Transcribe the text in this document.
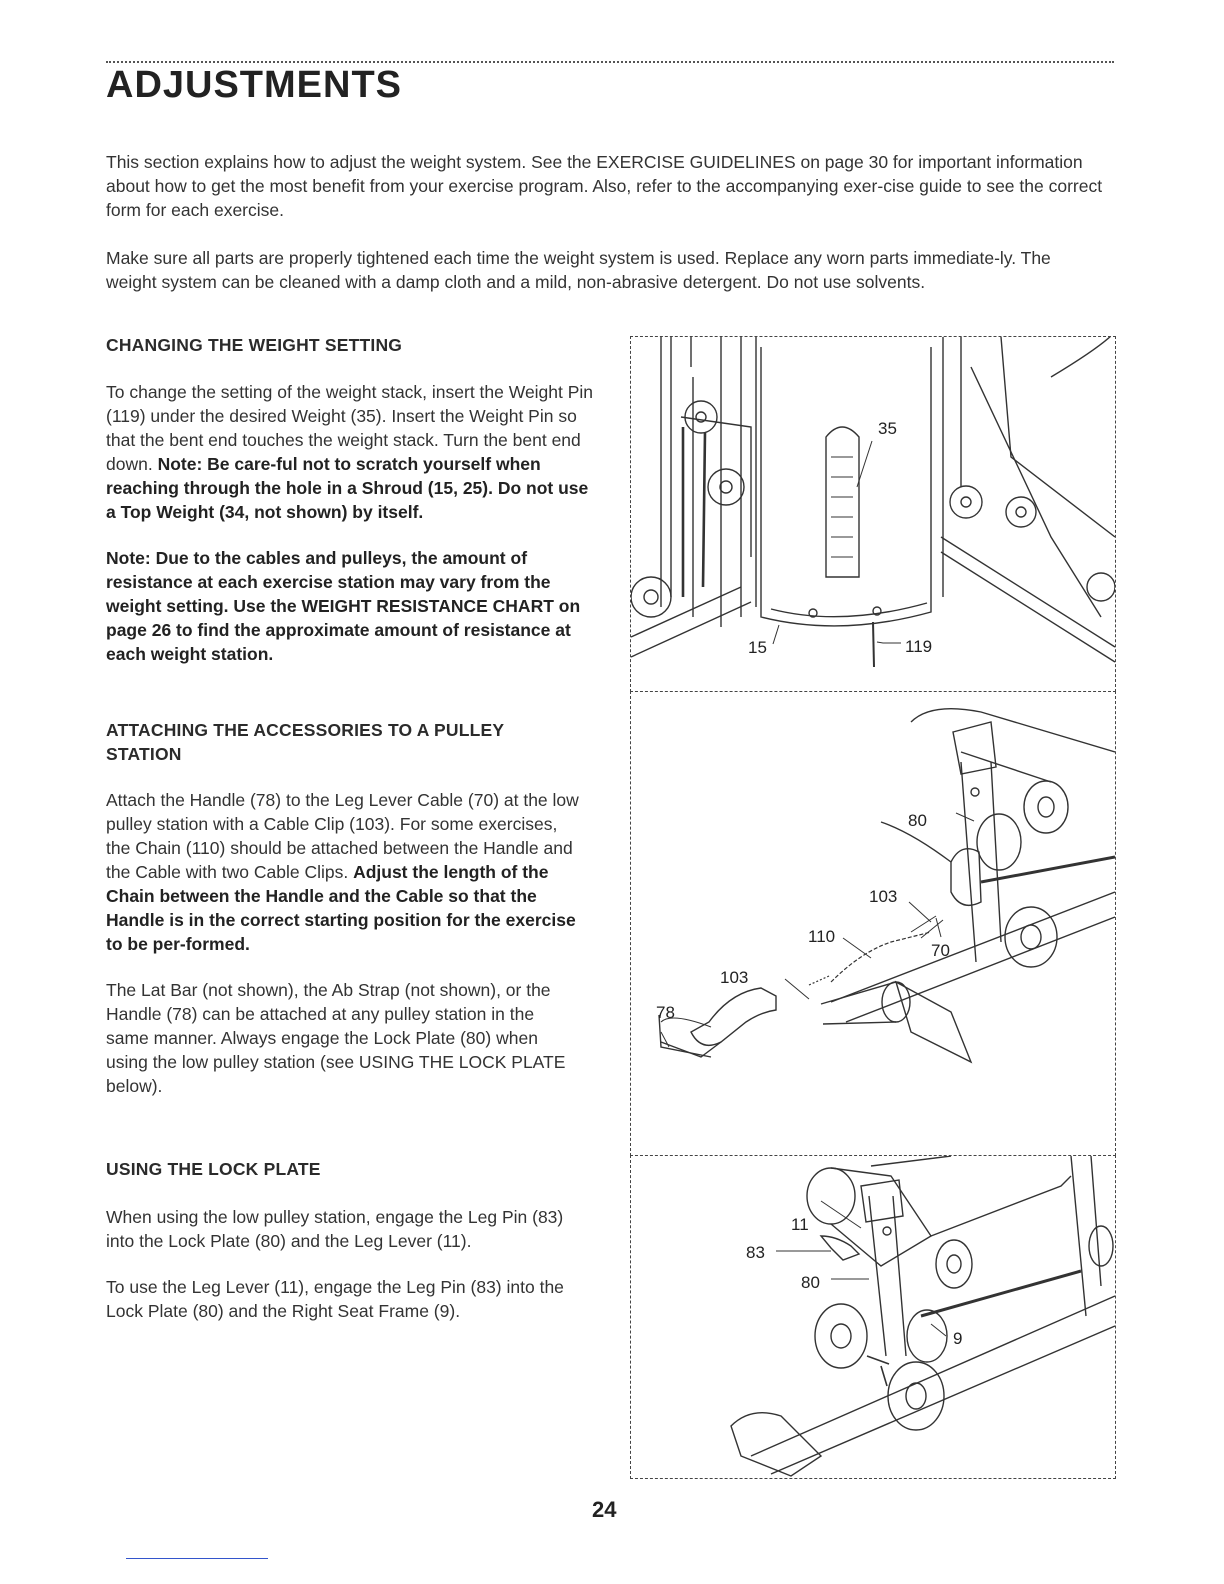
ADJUSTMENTS

This section explains how to adjust the weight system. See the EXERCISE GUIDELINES on page 30 for important information about how to get the most benefit from your exercise program. Also, refer to the accompanying exer-cise guide to see the correct form for each exercise.

Make sure all parts are properly tightened each time the weight system is used. Replace any worn parts immediate-ly. The weight system can be cleaned with a damp cloth and a mild, non-abrasive detergent. Do not use solvents.

CHANGING THE WEIGHT SETTING

To change the setting of the weight stack, insert the Weight Pin (119) under the desired Weight (35). Insert the Weight Pin so that the bent end touches the weight stack. Turn the bent end down. Note: Be care-ful not to scratch yourself when reaching through the hole in a Shroud (15, 25). Do not use a Top Weight (34, not shown) by itself.

Note: Due to the cables and pulleys, the amount of resistance at each exercise station may vary from the weight setting. Use the WEIGHT RESISTANCE CHART on page 26 to find the approximate amount of resistance at each weight station.

ATTACHING THE ACCESSORIES TO A PULLEY STATION

Attach the Handle (78) to the Leg Lever Cable (70) at the low pulley station with a Cable Clip (103). For some exercises, the Chain (110) should be attached between the Handle and the Cable with two Cable Clips. Adjust the length of the Chain between the Handle and the Cable so that the Handle is in the correct starting position for the exercise to be per-formed.

The Lat Bar (not shown), the Ab Strap (not shown), or the Handle (78) can be attached at any pulley station in the same manner. Always engage the Lock Plate (80) when using the low pulley station (see USING THE LOCK PLATE below).

USING THE LOCK PLATE

When using the low pulley station, engage the Leg Pin (83) into the Lock Plate (80) and the Leg Lever (11).

To use the Leg Lever (11), engage the Leg Pin (83) into the Lock Plate (80) and the Right Seat Frame (9).

35
15	119
80
103
110
70
103
78
11
83
80
9
24
